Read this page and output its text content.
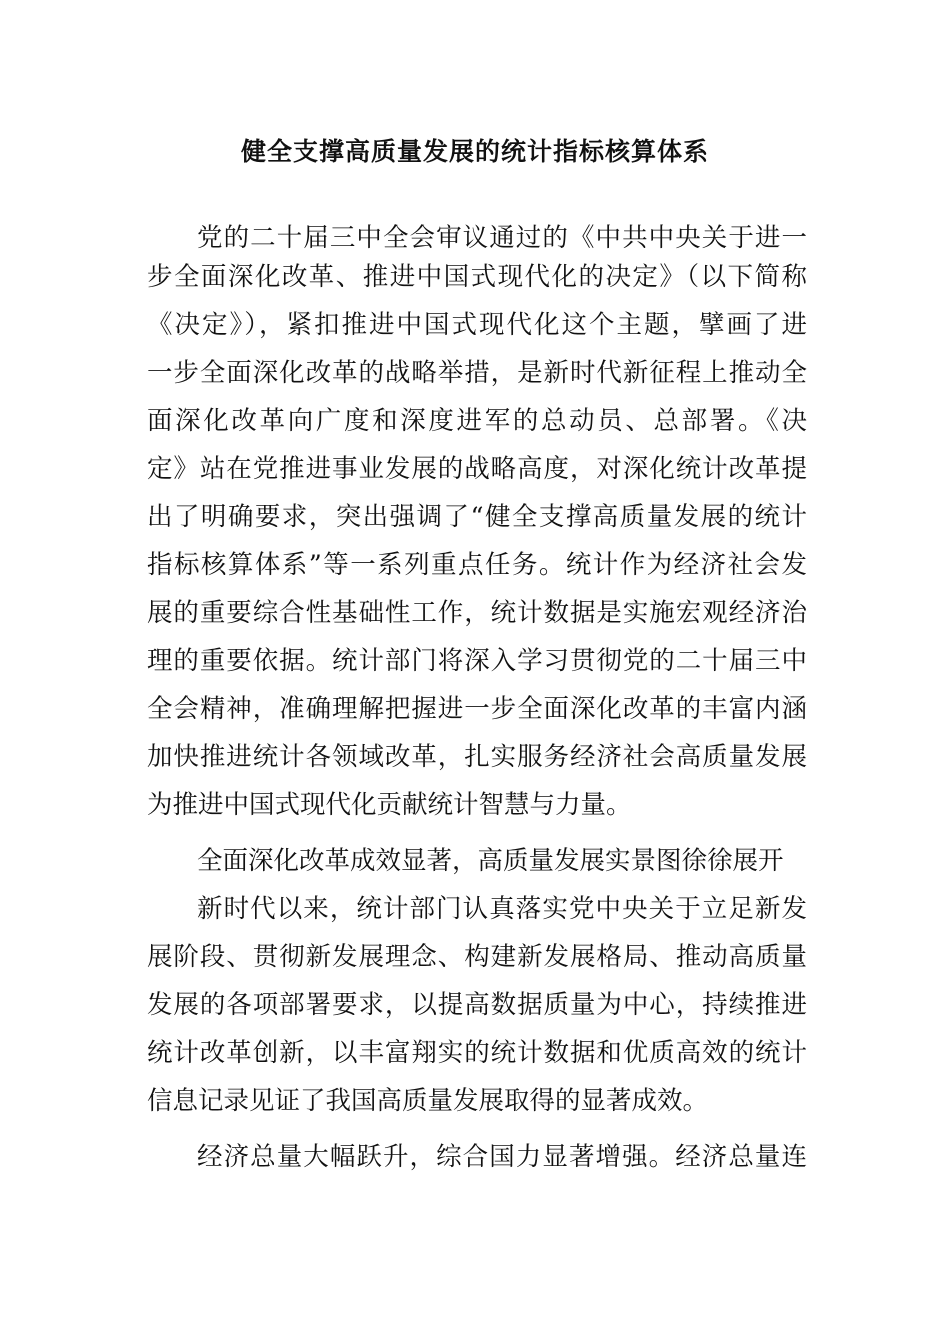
健全支撑高质量发展的统计指标核算体系

党的二十届三中全会审议通过的《中共中央关于进一

步全面深化改革、推进中国式现代化的决定》（以下简称

《决定》），紧扣推进中国式现代化这个主题，擘画了进

一步全面深化改革的战略举措，是新时代新征程上推动全

面深化改革向广度和深度进军的总动员、总部署。《决

定》站在党推进事业发展的战略高度，对深化统计改革提

出了明确要求，突出强调了“健全支撑高质量发展的统计

指标核算体系”等一系列重点任务。统计作为经济社会发

展的重要综合性基础性工作，统计数据是实施宏观经济治

理的重要依据。统计部门将深入学习贯彻党的二十届三中

全会精神，准确理解把握进一步全面深化改革的丰富内涵

加快推进统计各领域改革，扎实服务经济社会高质量发展

为推进中国式现代化贡献统计智慧与力量。

全面深化改革成效显著，高质量发展实景图徐徐展开

新时代以来，统计部门认真落实党中央关于立足新发

展阶段、贯彻新发展理念、构建新发展格局、推动高质量

发展的各项部署要求，以提高数据质量为中心，持续推进

统计改革创新，以丰富翔实的统计数据和优质高效的统计

信息记录见证了我国高质量发展取得的显著成效。

经济总量大幅跃升，综合国力显著增强。经济总量连
